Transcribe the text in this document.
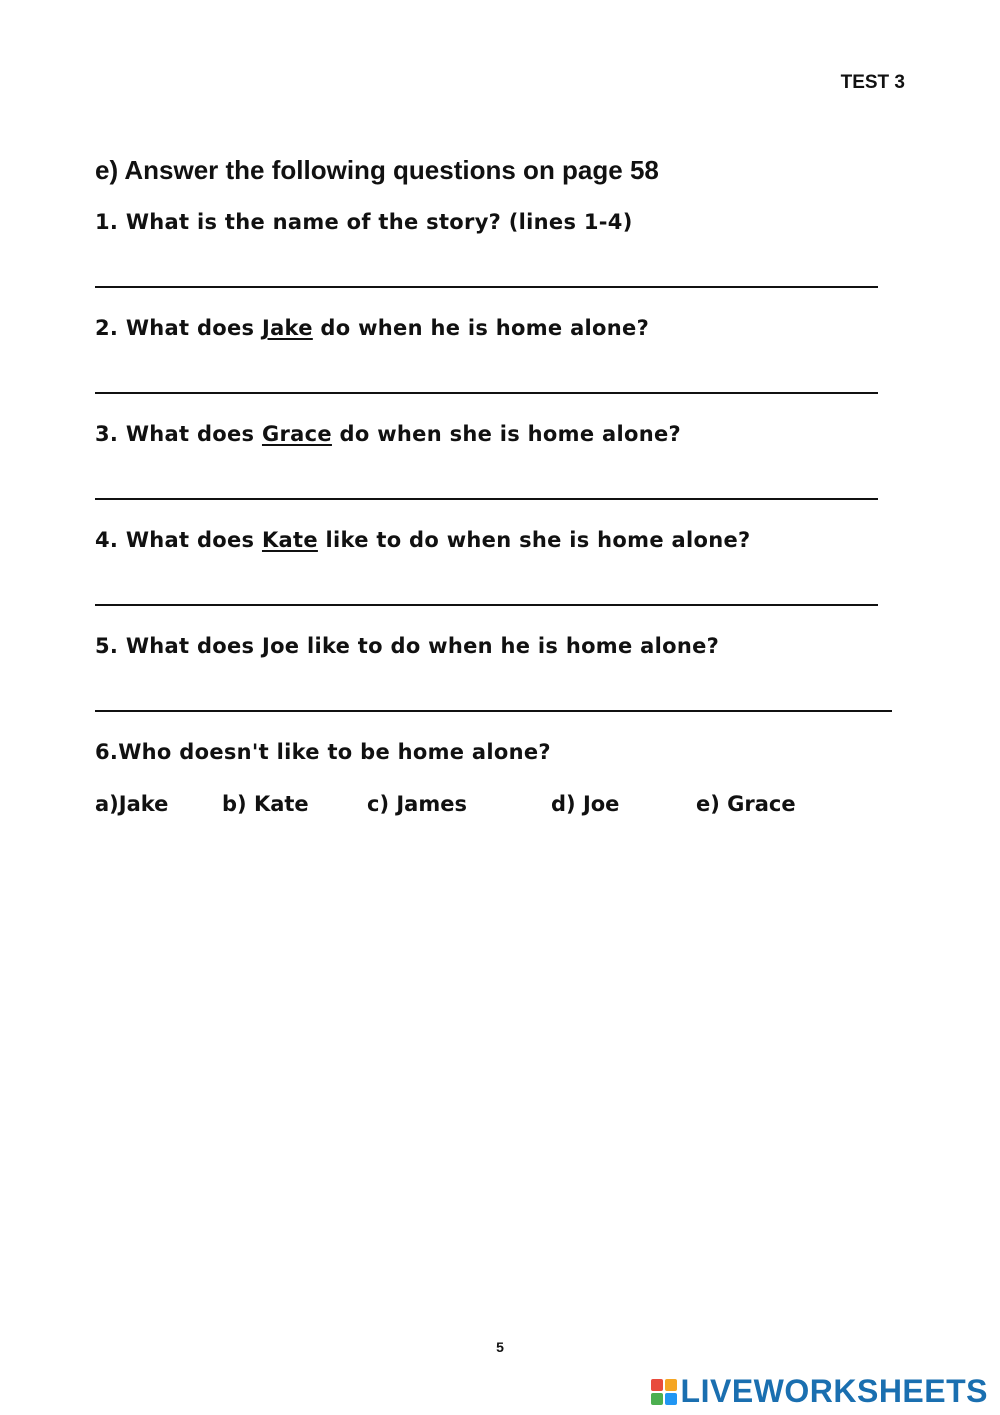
TEST 3
e) Answer the following questions on page 58
1. What is the name of the story? (lines 1-4)
2. What does Jake do when he is home alone?
3. What does Grace do when she is home alone?
4. What does Kate like to do when she is home alone?
5. What does Joe like to do when he is home alone?
6.Who doesn't like to be home alone?
a)Jake	b) Kate	c) James	d) Joe	e) Grace
5
LIVEWORKSHEETS
